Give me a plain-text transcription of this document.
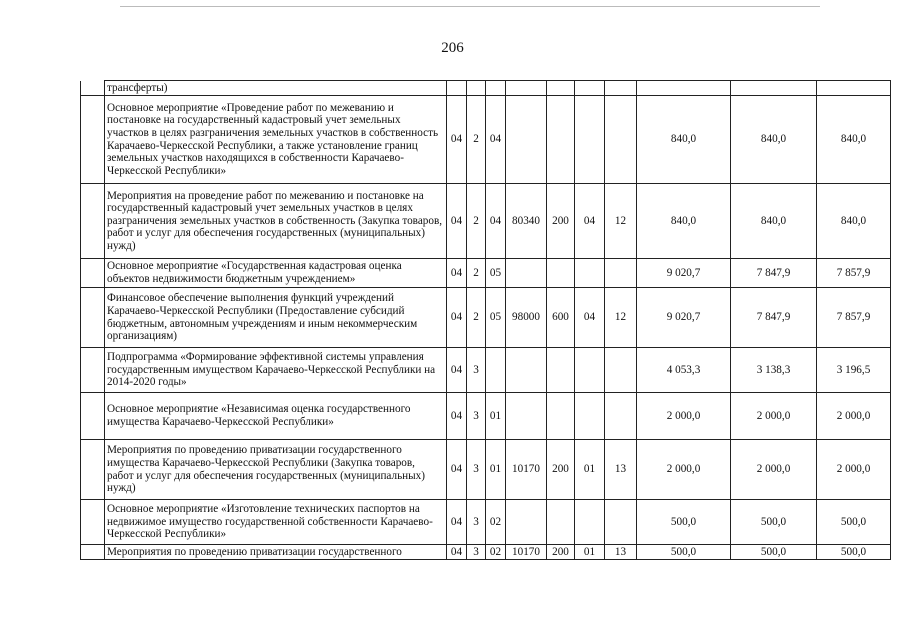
206
	трансферты)										
	Основное мероприятие «Проведение работ по межеванию и постановке на государственный кадастровый учет земельных участков в целях разграничения земельных участков в собственность Карачаево-Черкесской Республики, а также установление границ земельных участков находящихся в собственности Карачаево-Черкесской Республики»	04	2	04					840,0	840,0	840,0
	Мероприятия на проведение работ по межеванию и постановке на государственный кадастровый учет земельных участков в целях разграничения земельных участков в собственность (Закупка товаров, работ и услуг для обеспечения государственных (муниципальных) нужд)	04	2	04	80340	200	04	12	840,0	840,0	840,0
	Основное мероприятие «Государственная кадастровая оценка объектов недвижимости бюджетным учреждением»	04	2	05					9 020,7	7 847,9	7 857,9
	Финансовое обеспечение выполнения функций учреждений Карачаево-Черкесской Республики (Предоставление субсидий бюджетным, автономным учреждениям и иным некоммерческим организациям)	04	2	05	98000	600	04	12	9 020,7	7 847,9	7 857,9
	Подпрограмма «Формирование эффективной системы управления государственным имуществом Карачаево-Черкесской Республики на 2014-2020 годы»	04	3						4 053,3	3 138,3	3 196,5
	Основное мероприятие «Независимая оценка государственного имущества Карачаево-Черкесской Республики»	04	3	01					2 000,0	2 000,0	2 000,0
	Мероприятия по проведению приватизации государственного имущества Карачаево-Черкесской Республики (Закупка товаров, работ и услуг для обеспечения государственных (муниципальных) нужд)	04	3	01	10170	200	01	13	2 000,0	2 000,0	2 000,0
	Основное мероприятие «Изготовление технических паспортов на недвижимое имущество государственной собственности Карачаево-Черкесской Республики»	04	3	02					500,0	500,0	500,0
	Мероприятия по проведению приватизации государственного	04	3	02	10170	200	01	13	500,0	500,0	500,0
